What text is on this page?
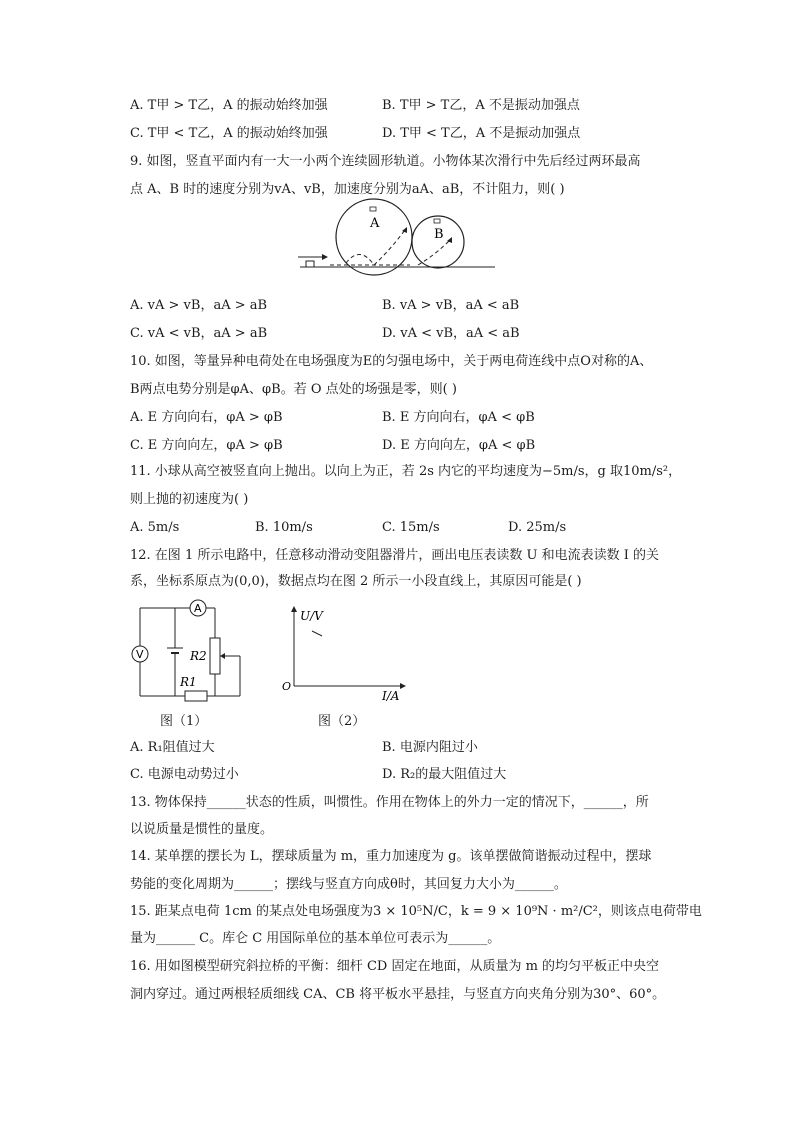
A. T甲 > T乙，A 的振动始终加强	B. T甲 > T乙，A 不是振动加强点
C. T甲 < T乙，A 的振动始终加强	D. T甲 < T乙，A 不是振动加强点
9. 如图，竖直平面内有一大一小两个连续圆形轨道。小物体某次滑行中先后经过两环最高
点 A、B 时的速度分别为vA、vB，加速度分别为aA、aB，不计阻力，则( )
A
B
A. vA > vB，aA > aB	B. vA > vB，aA < aB
C. vA < vB，aA > aB	D. vA < vB，aA < aB
10. 如图，等量异种电荷处在电场强度为E的匀强电场中，关于两电荷连线中点O对称的A、
B两点电势分别是φA、φB。若 O 点处的场强是零，则( )
A. E 方向向右，φA > φB	B. E 方向向右，φA < φB
C. E 方向向左，φA > φB	D. E 方向向左，φA < φB
11. 小球从高空被竖直向上抛出。以向上为正，若 2s 内它的平均速度为−5m/s，g 取10m/s²，
则上抛的初速度为( )
A. 5m/s	B. 10m/s	C. 15m/s	D. 25m/s
12. 在图 1 所示电路中，任意移动滑动变阻器滑片，画出电压表读数 U 和电流表读数 I 的关
系，坐标系原点为(0,0)，数据点均在图 2 所示一小段直线上，其原因可能是( )
A
V	R2
R1
图（1）
U/V
I/A
O
图（2）
A. R₁阻值过大	B. 电源内阻过小
C. 电源电动势过小	D. R₂的最大阻值过大
13. 物体保持______状态的性质，叫惯性。作用在物体上的外力一定的情况下，______，所
以说质量是惯性的量度。
14. 某单摆的摆长为 L，摆球质量为 m，重力加速度为 g。该单摆做简谐振动过程中，摆球
势能的变化周期为______；摆线与竖直方向成θ时，其回复力大小为______。
15. 距某点电荷 1cm 的某点处电场强度为3 × 10⁵N/C，k = 9 × 10⁹N · m²/C²，则该点电荷带电
量为______ C。库仑 C 用国际单位的基本单位可表示为______。
16. 用如图模型研究斜拉桥的平衡：细杆 CD 固定在地面，从质量为 m 的均匀平板正中央空
洞内穿过。通过两根轻质细线 CA、CB 将平板水平悬挂，与竖直方向夹角分别为30°、60°。
